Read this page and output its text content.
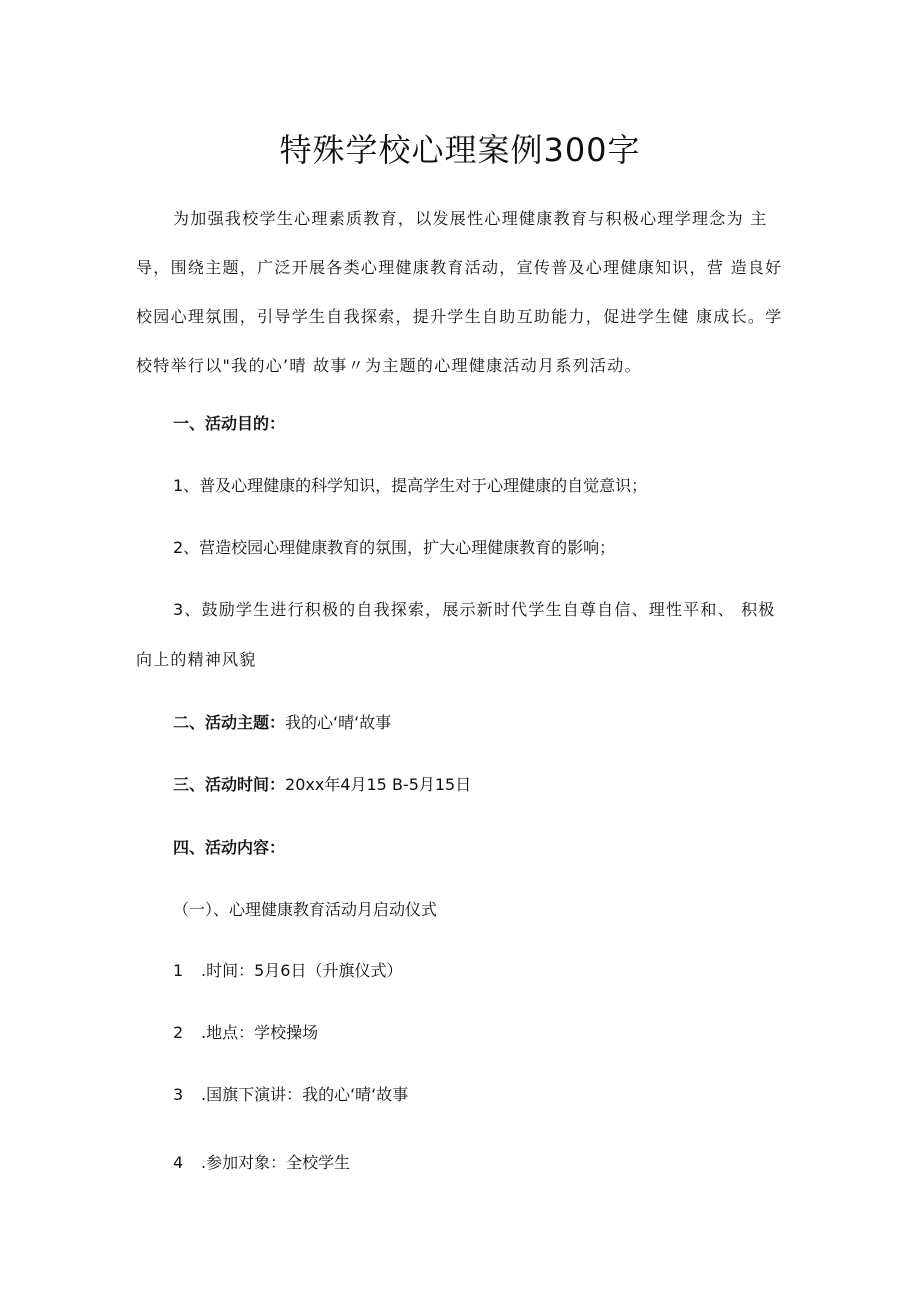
特殊学校心理案例300字

为加强我校学生心理素质教育，以发展性心理健康教育与积极心理学理念为 主导，围绕主题，广泛开展各类心理健康教育活动，宣传普及心理健康知识，营 造良好校园心理氛围，引导学生自我探索，提升学生自助互助能力，促进学生健 康成长。学校特举行以"我的心’晴 故事〃为主题的心理健康活动月系列活动。

一、活动目的：

1、普及心理健康的科学知识，提高学生对于心理健康的自觉意识；

2、营造校园心理健康教育的氛围，扩大心理健康教育的影响；

3、鼓励学生进行积极的自我探索，展示新时代学生自尊自信、理性平和、 积极向上的精神风貌

二、活动主题：我的心‘晴‘故事

三、活动时间：20xx年4月15 B-5月15日

四、活动内容：

（一）、心理健康教育活动月启动仪式

1 .时间：5月6日（升旗仪式）

2 .地点：学校操场

3 .国旗下演讲：我的心‘晴‘故事

4 .参加对象：全校学生
